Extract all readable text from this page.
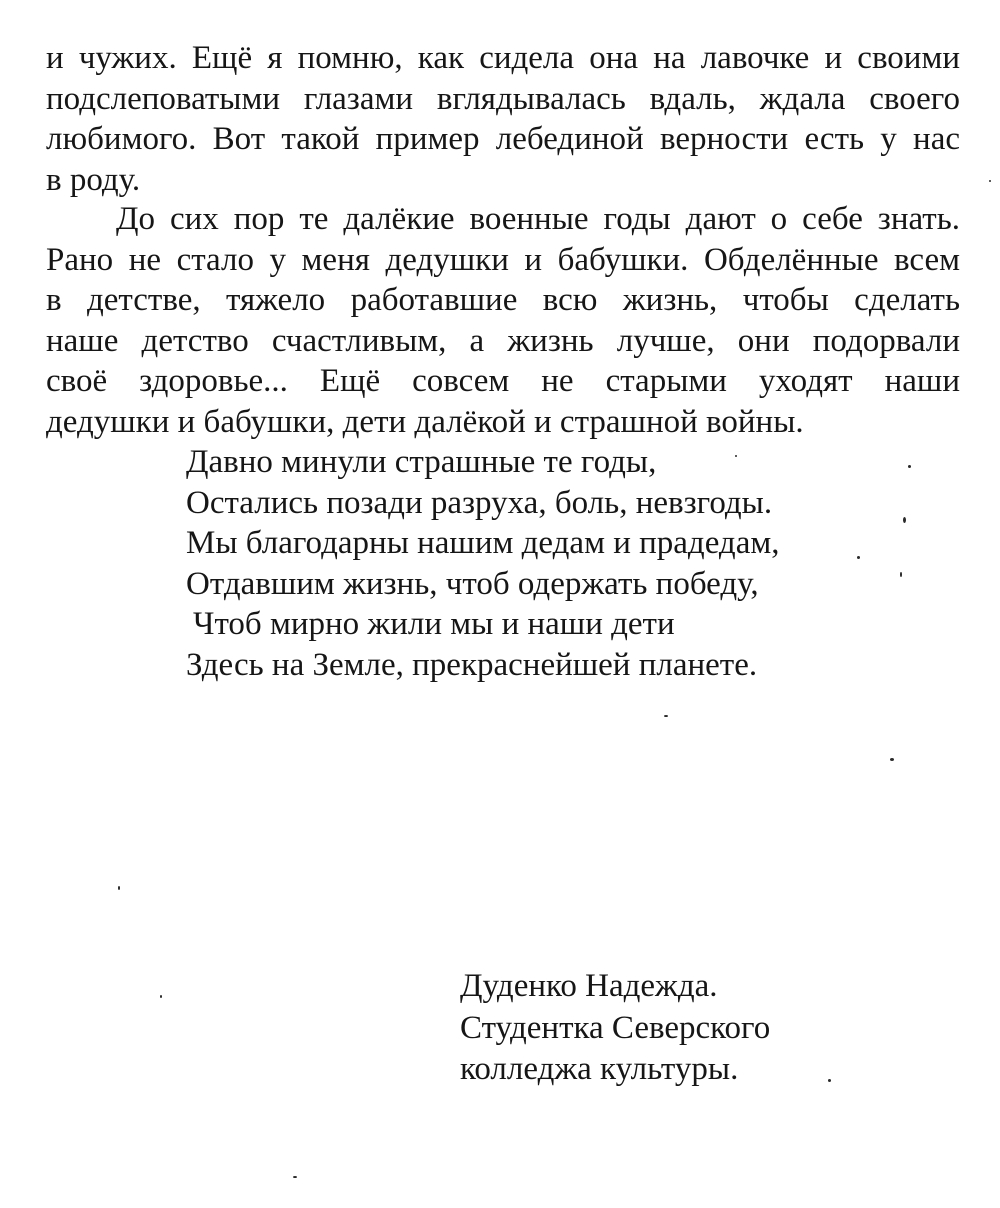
и чужих. Ещё я помню, как сидела она на лавочке и своими
подслеповатыми глазами вглядывалась вдаль, ждала своего
любимого. Вот такой пример лебединой верности есть у нас
в роду.
До сих пор те далёкие военные годы дают о себе знать.
Рано не стало у меня дедушки и бабушки. Обделённые всем
в детстве, тяжело работавшие всю жизнь, чтобы сделать
наше детство счастливым, а жизнь лучше, они подорвали
своё здоровье... Ещё совсем не старыми уходят наши
дедушки и бабушки, дети далёкой и страшной войны.
Давно минули страшные те годы,
Остались позади разруха, боль, невзгоды.
Мы благодарны нашим дедам и прадедам,
Отдавшим жизнь, чтоб одержать победу,
Чтоб мирно жили мы и наши дети
Здесь на Земле, прекраснейшей планете.
Дуденко Надежда.
Студентка Северского
колледжа культуры.
